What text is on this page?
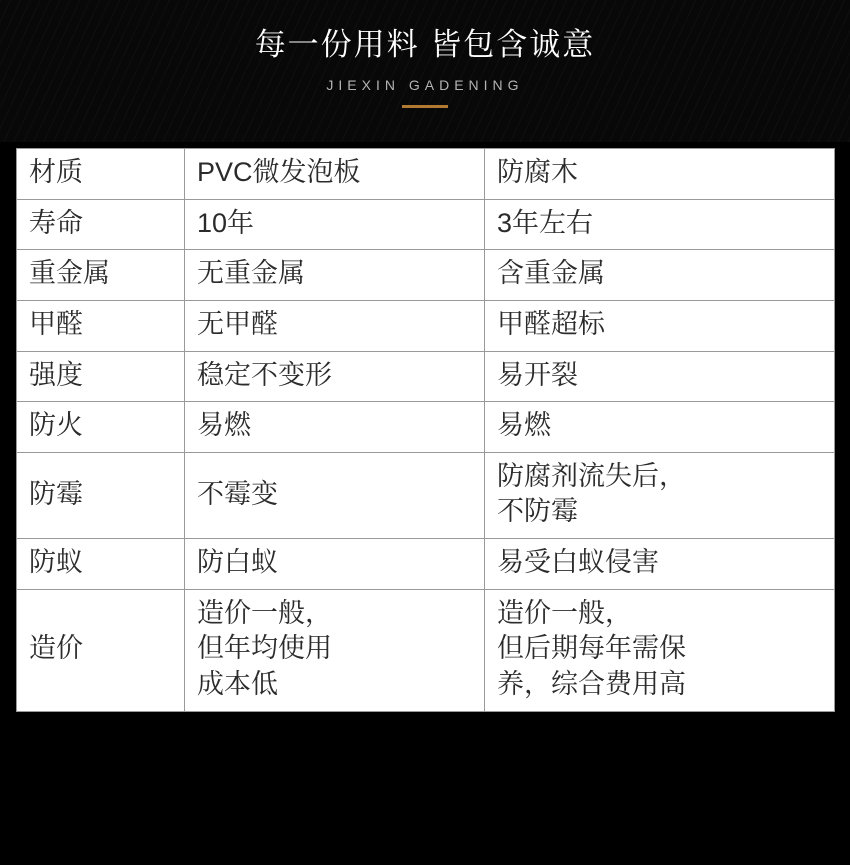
每一份用料 皆包含诚意
JIEXIN GADENING
材质	PVC微发泡板	防腐木

寿命	10年	3年左右

重金属	无重金属	含重金属

甲醛	无甲醛	甲醛超标

强度	稳定不变形	易开裂

防火	易燃	易燃

防霉	不霉变	防腐剂流失后，
不防霉

防蚁	防白蚁	易受白蚁侵害

造价	造价一般，
但年均使用
成本低	造价一般，
但后期每年需保
养，综合费用高
